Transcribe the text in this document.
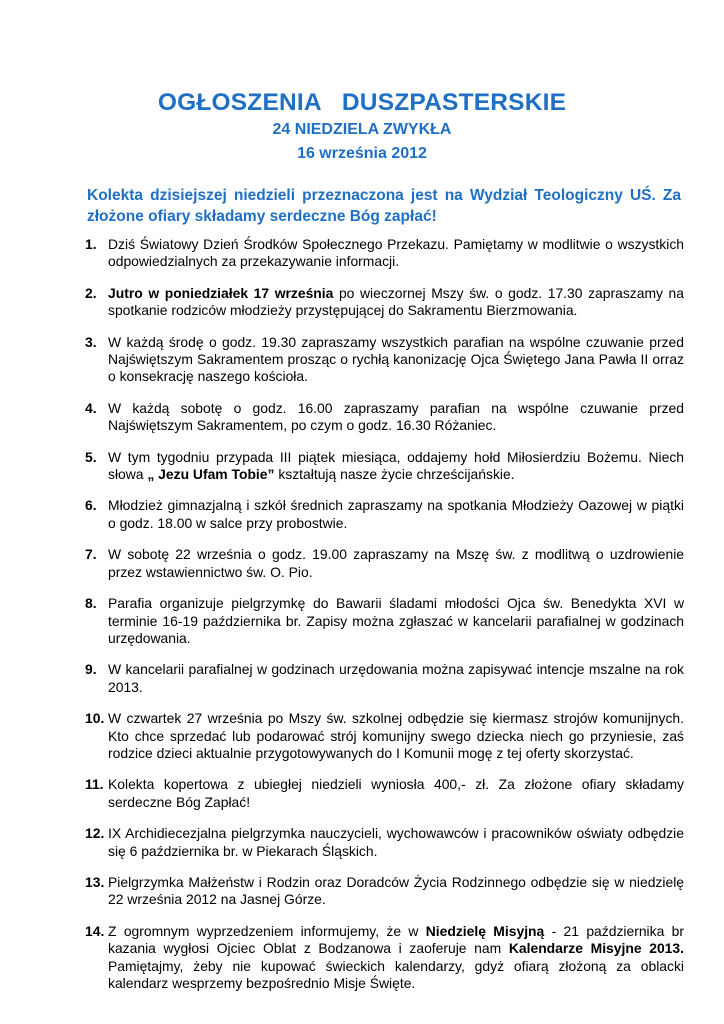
OGŁOSZENIA   DUSZPASTERSKIE
24 NIEDZIELA ZWYKŁA
16 września 2012
Kolekta dzisiejszej niedzieli przeznaczona jest na Wydział Teologiczny UŚ. Za złożone ofiary składamy serdeczne Bóg zapłać!
1. Dziś Światowy Dzień Środków Społecznego Przekazu. Pamiętamy w modlitwie o wszystkich odpowiedzialnych za przekazywanie informacji.
2. Jutro w poniedziałek 17 września po wieczornej Mszy św. o godz. 17.30 zapraszamy na spotkanie rodziców młodzieży przystępującej do Sakramentu Bierzmowania.
3. W każdą środę o godz. 19.30 zapraszamy wszystkich parafian na wspólne czuwanie przed Najświętszym Sakramentem prosząc o rychłą kanonizację Ojca Świętego Jana Pawła II orraz o konsekrację naszego kościoła.
4. W każdą sobotę o godz. 16.00 zapraszamy parafian na wspólne czuwanie przed Najświętszym Sakramentem, po czym o godz. 16.30 Różaniec.
5. W tym tygodniu przypada III piątek miesiąca, oddajemy hołd Miłosierdziu Bożemu. Niech słowa „ Jezu Ufam Tobie” kształtują nasze życie chrześcijańskie.
6. Młodzież gimnazjalną i szkół średnich zapraszamy na spotkania Młodzieży Oazowej w piątki o godz. 18.00 w salce przy probostwie.
7. W sobotę 22 września o godz. 19.00 zapraszamy na Mszę św. z modlitwą o uzdrowienie przez wstawiennictwo św. O. Pio.
8. Parafia organizuje pielgrzymkę do Bawarii śladami młodości Ojca św. Benedykta XVI w terminie 16-19 października br. Zapisy można zgłaszać w kancelarii parafialnej w godzinach urzędowania.
9. W kancelarii parafialnej w godzinach urzędowania można zapisywać intencje mszalne na rok 2013.
10. W czwartek 27 września po Mszy św. szkolnej odbędzie się kiermasz strojów komunijnych. Kto chce sprzedać lub podarować strój komunijny swego dziecka niech go przyniesie, zaś rodzice dzieci aktualnie przygotowywanych do I Komunii mogę z tej oferty skorzystać.
11. Kolekta kopertowa z ubiegłej niedzieli wyniosła 400,- zł. Za złożone ofiary składamy serdeczne Bóg Zapłać!
12. IX Archidiecezjalna pielgrzymka nauczycieli, wychowawców i pracowników oświaty odbędzie się 6 października br. w Piekarach Śląskich.
13. Pielgrzymka Małżeństw i Rodzin oraz Doradców Życia Rodzinnego odbędzie się w niedzielę 22 września 2012 na Jasnej Górze.
14. Z ogromnym wyprzedzeniem informujemy, że w Niedzielę Misyjną - 21 października br kazania wygłosi Ojciec Oblat z Bodzanowa i zaoferuje nam Kalendarze Misyjne 2013. Pamiętajmy, żeby nie kupować świeckich kalendarzy, gdyż ofiarą złożoną za oblacki kalendarz wesprzemy bezpośrednio Misje Święte.
